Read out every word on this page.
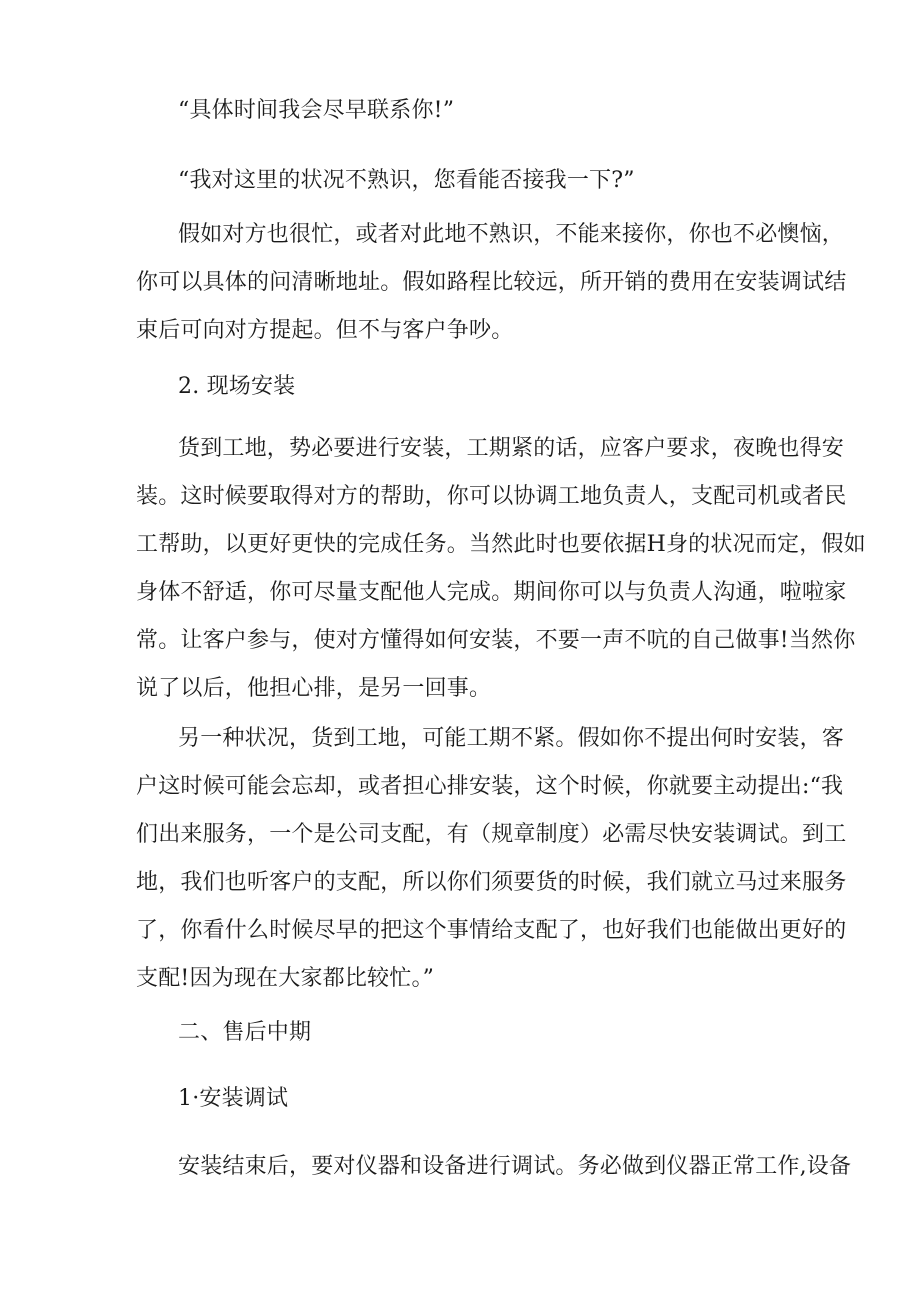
“具体时间我会尽早联系你!”
“我对这里的状况不熟识，您看能否接我一下?”
假如对方也很忙，或者对此地不熟识，不能来接你，你也不必懊恼，
你可以具体的问清晰地址。假如路程比较远，所开销的费用在安装调试结
束后可向对方提起。但不与客户争吵。
2. 现场安装
货到工地，势必要进行安装，工期紧的话，应客户要求，夜晚也得安
装。这时候要取得对方的帮助，你可以协调工地负责人，支配司机或者民
工帮助，以更好更快的完成任务。当然此时也要依据H身的状况而定，假如
身体不舒适，你可尽量支配他人完成。期间你可以与负责人沟通，啦啦家
常。让客户参与，使对方懂得如何安装，不要一声不吭的自己做事!当然你
说了以后，他担心排，是另一回事。
另一种状况，货到工地，可能工期不紧。假如你不提出何时安装，客
户这时候可能会忘却，或者担心排安装，这个时候，你就要主动提出:“我
们出来服务，一个是公司支配，有（规章制度）必需尽快安装调试。到工
地，我们也听客户的支配，所以你们须要货的时候，我们就立马过来服务
了，你看什么时候尽早的把这个事情给支配了，也好我们也能做出更好的
支配!因为现在大家都比较忙。”
二、售后中期
1·安装调试
安装结束后，要对仪器和设备进行调试。务必做到仪器正常工作,设备
